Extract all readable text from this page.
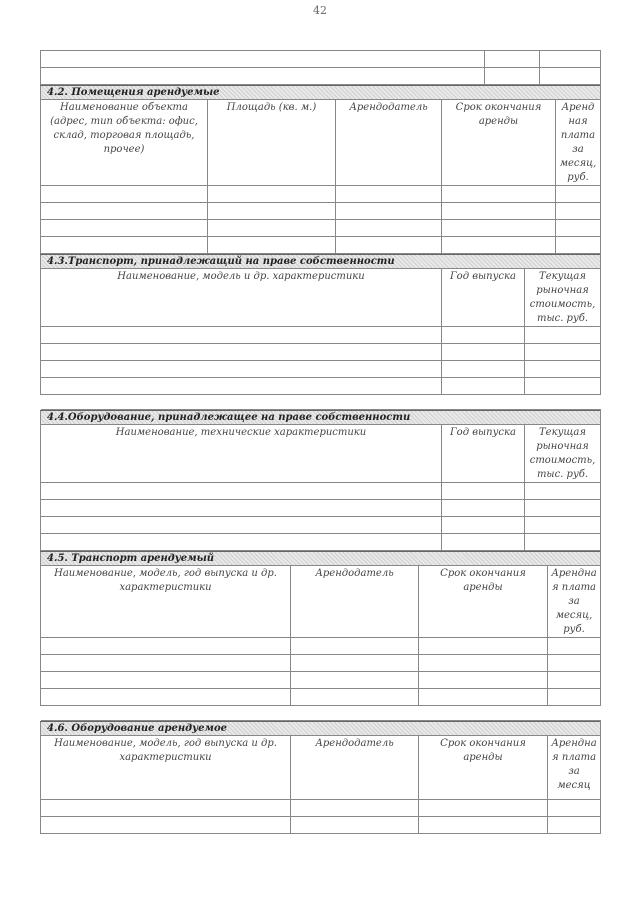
42

4.2. Помещения арендуемые				
Наименование объекта (адрес, тип объекта: офис, склад, торговая площадь, прочее)	Площадь (кв. м.)	Арендодатель	Срок окончания аренды	Аренд ная плата за месяц, руб.

4.3.Транспорт, принадлежащий на праве собственности		
Наименование, модель и др. характеристики	Год выпуска	Текущая рыночная стоимость, тыс. руб.

4.4.Оборудование, принадлежащее на праве собственности		
Наименование, технические характеристики	Год выпуска	Текущая рыночная стоимость, тыс. руб.

4.5. Транспорт арендуемый			
Наименование, модель, год выпуска и др. характеристики	Арендодатель	Срок окончания аренды	Арендна я плата за месяц, руб.

4.6. Оборудование арендуемое			
Наименование, модель, год выпуска и др. характеристики	Арендодатель	Срок окончания аренды	Арендна я плата за месяц
